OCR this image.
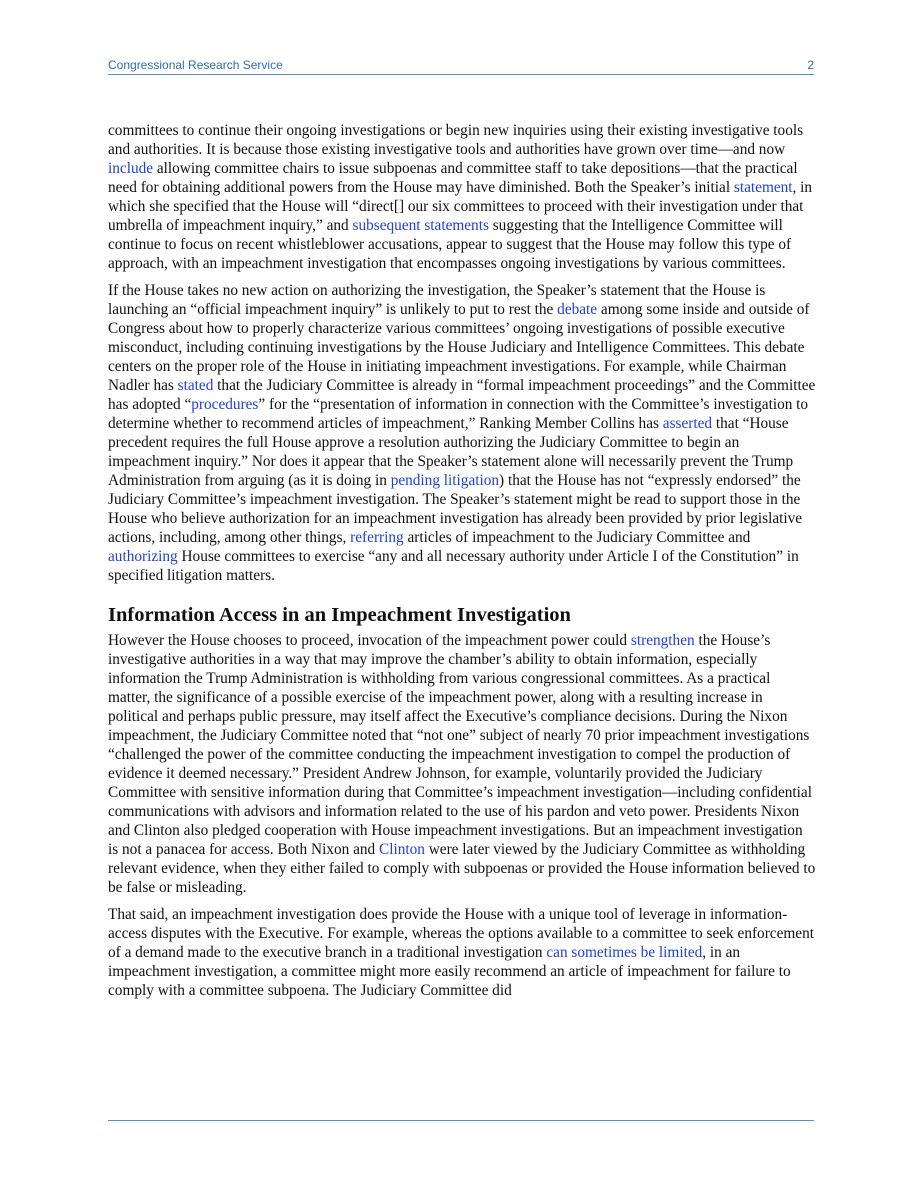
Congressional Research Service	2

committees to continue their ongoing investigations or begin new inquiries using their existing investigative tools and authorities. It is because those existing investigative tools and authorities have grown over time—and now include allowing committee chairs to issue subpoenas and committee staff to take depositions—that the practical need for obtaining additional powers from the House may have diminished. Both the Speaker’s initial statement, in which she specified that the House will “direct[] our six committees to proceed with their investigation under that umbrella of impeachment inquiry,” and subsequent statements suggesting that the Intelligence Committee will continue to focus on recent whistleblower accusations, appear to suggest that the House may follow this type of approach, with an impeachment investigation that encompasses ongoing investigations by various committees.

If the House takes no new action on authorizing the investigation, the Speaker’s statement that the House is launching an “official impeachment inquiry” is unlikely to put to rest the debate among some inside and outside of Congress about how to properly characterize various committees’ ongoing investigations of possible executive misconduct, including continuing investigations by the House Judiciary and Intelligence Committees. This debate centers on the proper role of the House in initiating impeachment investigations. For example, while Chairman Nadler has stated that the Judiciary Committee is already in “formal impeachment proceedings” and the Committee has adopted “procedures” for the “presentation of information in connection with the Committee’s investigation to determine whether to recommend articles of impeachment,” Ranking Member Collins has asserted that “House precedent requires the full House approve a resolution authorizing the Judiciary Committee to begin an impeachment inquiry.” Nor does it appear that the Speaker’s statement alone will necessarily prevent the Trump Administration from arguing (as it is doing in pending litigation) that the House has not “expressly endorsed” the Judiciary Committee’s impeachment investigation. The Speaker’s statement might be read to support those in the House who believe authorization for an impeachment investigation has already been provided by prior legislative actions, including, among other things, referring articles of impeachment to the Judiciary Committee and authorizing House committees to exercise “any and all necessary authority under Article I of the Constitution” in specified litigation matters.

Information Access in an Impeachment Investigation

However the House chooses to proceed, invocation of the impeachment power could strengthen the House’s investigative authorities in a way that may improve the chamber’s ability to obtain information, especially information the Trump Administration is withholding from various congressional committees. As a practical matter, the significance of a possible exercise of the impeachment power, along with a resulting increase in political and perhaps public pressure, may itself affect the Executive’s compliance decisions. During the Nixon impeachment, the Judiciary Committee noted that “not one” subject of nearly 70 prior impeachment investigations “challenged the power of the committee conducting the impeachment investigation to compel the production of evidence it deemed necessary.” President Andrew Johnson, for example, voluntarily provided the Judiciary Committee with sensitive information during that Committee’s impeachment investigation—including confidential communications with advisors and information related to the use of his pardon and veto power. Presidents Nixon and Clinton also pledged cooperation with House impeachment investigations. But an impeachment investigation is not a panacea for access. Both Nixon and Clinton were later viewed by the Judiciary Committee as withholding relevant evidence, when they either failed to comply with subpoenas or provided the House information believed to be false or misleading.

That said, an impeachment investigation does provide the House with a unique tool of leverage in information-access disputes with the Executive. For example, whereas the options available to a committee to seek enforcement of a demand made to the executive branch in a traditional investigation can sometimes be limited, in an impeachment investigation, a committee might more easily recommend an article of impeachment for failure to comply with a committee subpoena. The Judiciary Committee did
